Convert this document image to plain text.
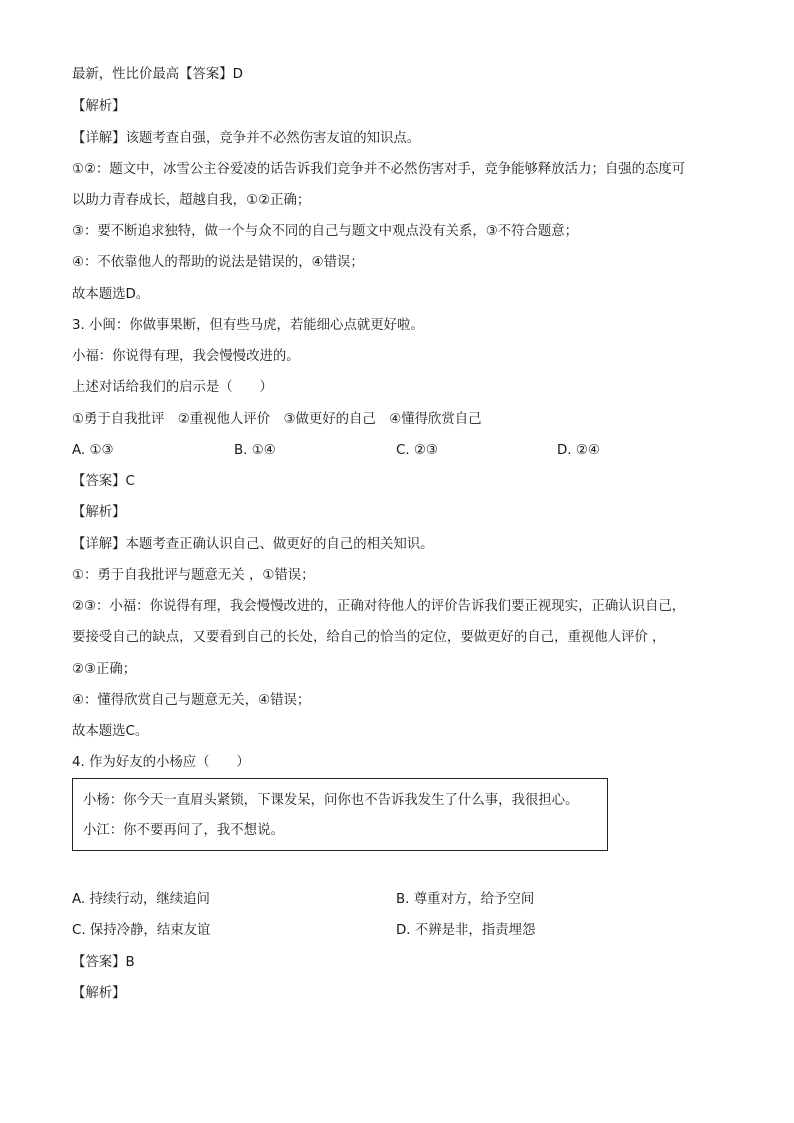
最新，性比价最高【答案】D
【解析】
【详解】该题考查自强，竞争并不必然伤害友谊的知识点。
①②：题文中，冰雪公主谷爱凌的话告诉我们竞争并不必然伤害对手，竞争能够释放活力；自强的态度可
以助力青春成长，超越自我，①②正确；
③：要不断追求独特，做一个与众不同的自己与题文中观点没有关系，③不符合题意；
④：不依靠他人的帮助的说法是错误的，④错误；
故本题选D。
3. 小闽：你做事果断，但有些马虎，若能细心点就更好啦。
小福：你说得有理，我会慢慢改进的。
上述对话给我们的启示是（　　）
①勇于自我批评　②重视他人评价　③做更好的自己　④懂得欣赏自己
A. ①③	B. ①④	C. ②③	D. ②④
【答案】C
【解析】
【详解】本题考查正确认识自己、做更好的自己的相关知识。
①：勇于自我批评与题意无关 ，①错误；
②③：小福：你说得有理，我会慢慢改进的，正确对待他人的评价告诉我们要正视现实，正确认识自己，
要接受自己的缺点，又要看到自己的长处，给自己的恰当的定位，要做更好的自己，重视他人评价 ，
②③正确；
④：懂得欣赏自己与题意无关，④错误；
故本题选C。
4. 作为好友的小杨应（　　）
小杨：你今天一直眉头紧锁，下课发呆，问你也不告诉我发生了什么事，我很担心。
小江：你不要再问了，我不想说。
A. 持续行动，继续追问	B. 尊重对方，给予空间
C. 保持冷静，结束友谊	D. 不辨是非，指责埋怨
【答案】B
【解析】
